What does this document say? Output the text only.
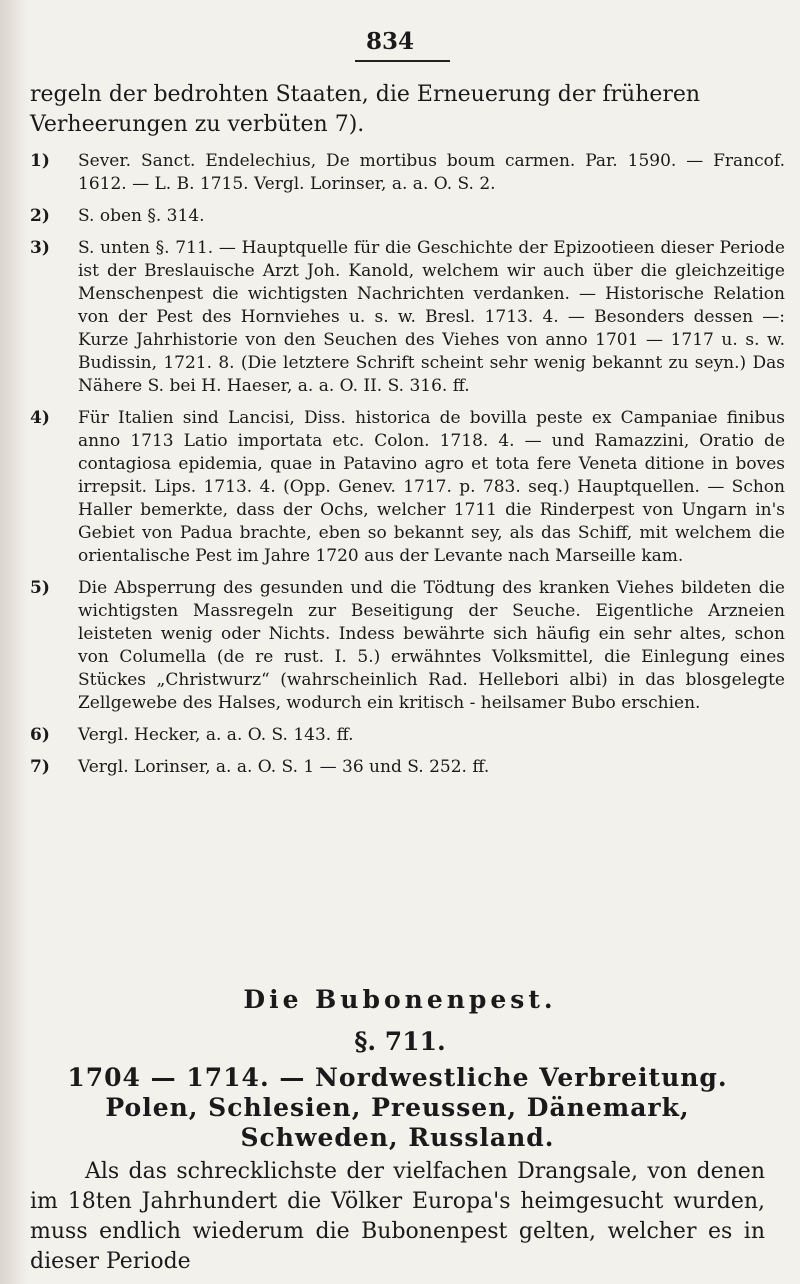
834
regeln der bedrohten Staaten, die Erneuerung der früheren Verheerungen zu verbüten 7).
1)	Sever. Sanct. Endelechius, De mortibus boum carmen. Par. 1590. — Francof. 1612. — L. B. 1715. Vergl. Lorinser, a. a. O. S. 2.
2)	S. oben §. 314.
3)	S. unten §. 711. — Hauptquelle für die Geschichte der Epizootieen dieser Periode ist der Breslauische Arzt Joh. Kanold, welchem wir auch über die gleichzeitige Menschenpest die wichtigsten Nachrichten verdanken. — Historische Relation von der Pest des Hornviehes u. s. w. Bresl. 1713. 4. — Besonders dessen —: Kurze Jahrhistorie von den Seuchen des Viehes von anno 1701 — 1717 u. s. w. Budissin, 1721. 8. (Die letztere Schrift scheint sehr wenig bekannt zu seyn.) Das Nähere S. bei H. Haeser, a. a. O. II. S. 316. ff.
4)	Für Italien sind Lancisi, Diss. historica de bovilla peste ex Campaniae finibus anno 1713 Latio importata etc. Colon. 1718. 4. — und Ramazzini, Oratio de contagiosa epidemia, quae in Patavino agro et tota fere Veneta ditione in boves irrepsit. Lips. 1713. 4. (Opp. Genev. 1717. p. 783. seq.) Hauptquellen. — Schon Haller bemerkte, dass der Ochs, welcher 1711 die Rinderpest von Ungarn in's Gebiet von Padua brachte, eben so bekannt sey, als das Schiff, mit welchem die orientalische Pest im Jahre 1720 aus der Levante nach Marseille kam.
5)	Die Absperrung des gesunden und die Tödtung des kranken Viehes bildeten die wichtigsten Massregeln zur Beseitigung der Seuche. Eigentliche Arzneien leisteten wenig oder Nichts. Indess bewährte sich häufig ein sehr altes, schon von Columella (de re rust. I. 5.) erwähntes Volksmittel, die Einlegung eines Stückes „Christwurz“ (wahrscheinlich Rad. Hellebori albi) in das blosgelegte Zellgewebe des Halses, wodurch ein kritisch - heilsamer Bubo erschien.
6)	Vergl. Hecker, a. a. O. S. 143. ff.
7)	Vergl. Lorinser, a. a. O. S. 1 — 36 und S. 252. ff.
Die Bubonenpest.
§. 711.
1704 — 1714. — Nordwestliche Verbreitung. Polen, Schlesien, Preussen, Dänemark, Schweden, Russland.
Als das schrecklichste der vielfachen Drangsale, von denen im 18ten Jahrhundert die Völker Europa's heimgesucht wurden, muss endlich wiederum die Bubonenpest gelten, welcher es in dieser Periode
